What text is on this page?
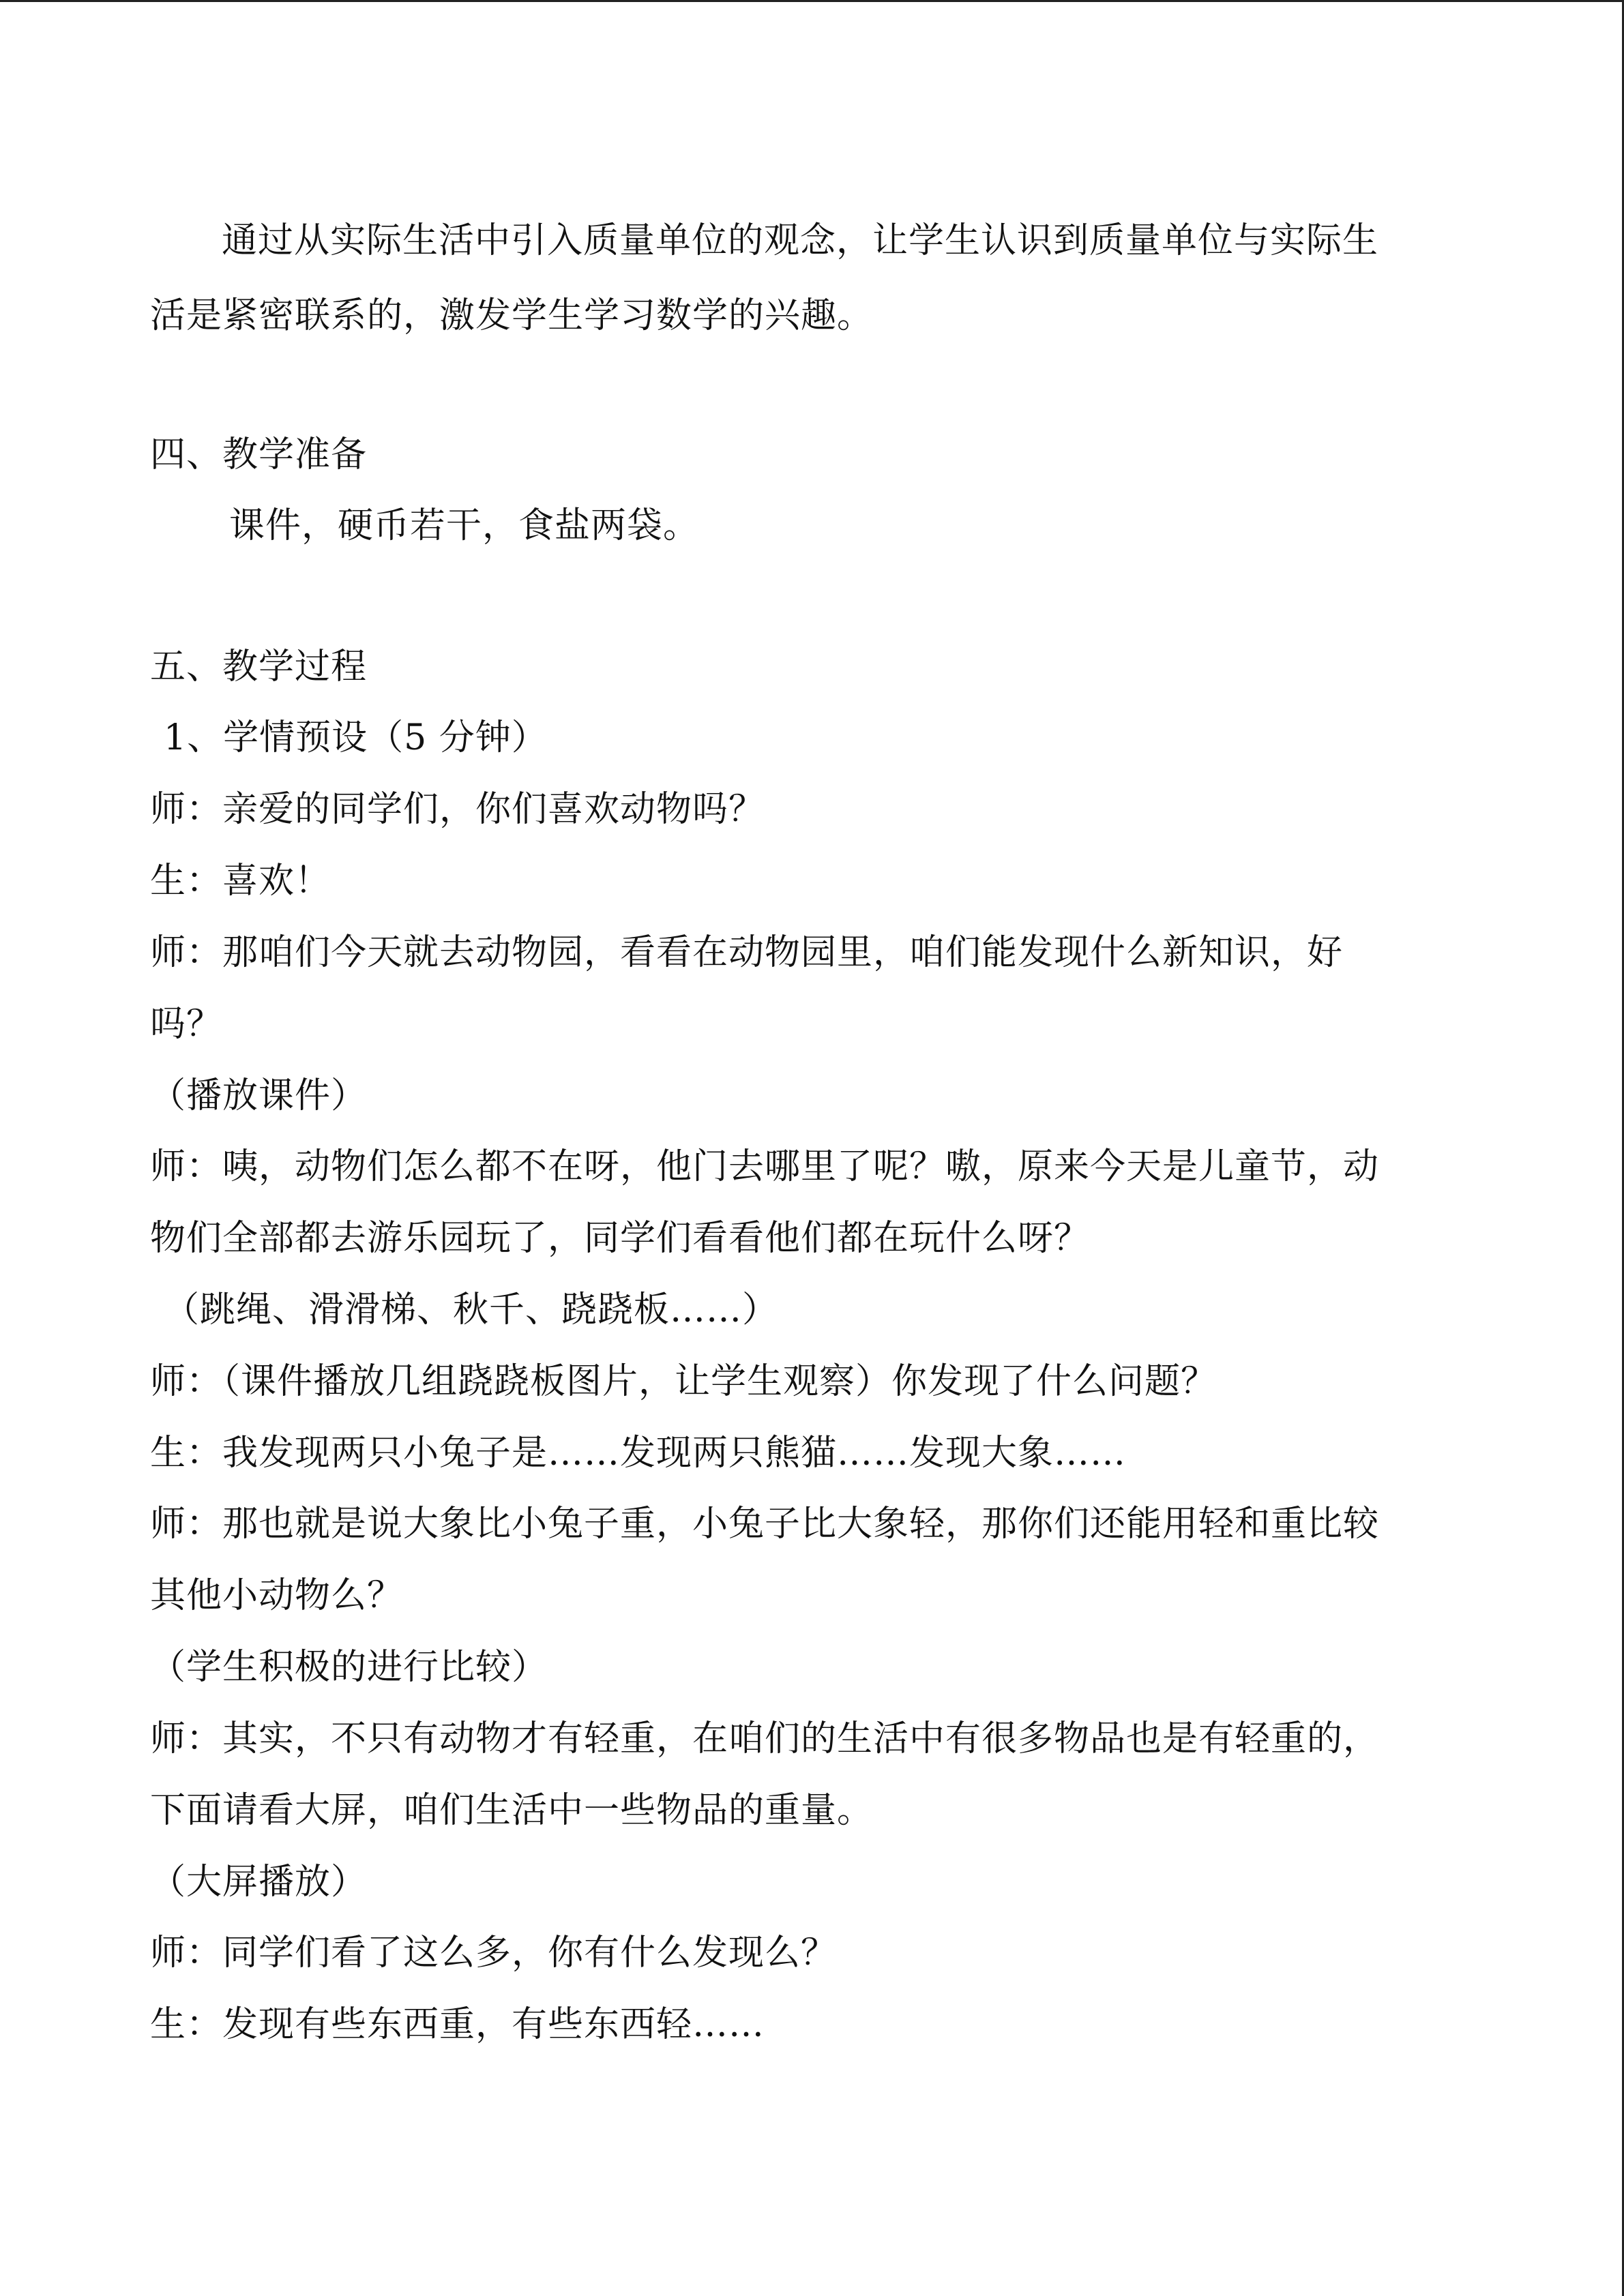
通过从实际生活中引入质量单位的观念，让学生认识到质量单位与实际生
活是紧密联系的，激发学生学习数学的兴趣。
四、教学准备
课件，硬币若干，食盐两袋。
五、教学过程
1、学情预设（5 分钟）
师：亲爱的同学们，你们喜欢动物吗？
生：喜欢！
师：那咱们今天就去动物园，看看在动物园里，咱们能发现什么新知识，好
吗？
（播放课件）
师：咦，动物们怎么都不在呀，他门去哪里了呢？嗷，原来今天是儿童节，动
物们全部都去游乐园玩了，同学们看看他们都在玩什么呀？
（跳绳、滑滑梯、秋千、跷跷板……）
师：（课件播放几组跷跷板图片，让学生观察）你发现了什么问题？
生：我发现两只小兔子是……发现两只熊猫……发现大象……
师：那也就是说大象比小兔子重，小兔子比大象轻，那你们还能用轻和重比较
其他小动物么？
（学生积极的进行比较）
师：其实，不只有动物才有轻重，在咱们的生活中有很多物品也是有轻重的，
下面请看大屏，咱们生活中一些物品的重量。
（大屏播放）
师：同学们看了这么多，你有什么发现么？
生：发现有些东西重，有些东西轻……
